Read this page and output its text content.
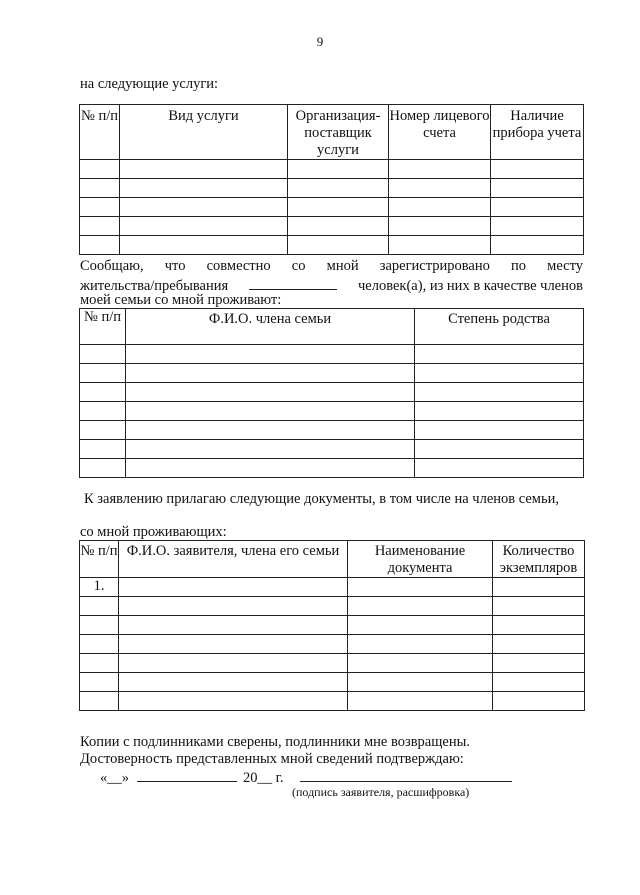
9
на следующие услуги:
№ п/п	Вид услуги	Организация-поставщик услуги	Номер лицевого счета	Наличие прибора учета

Сообщаю, что совместно со мной зарегистрировано по месту
жительства/пребывания	человек(а), из них в качестве членов
моей семьи со мной проживают:
№ п/п	Ф.И.О. члена семьи	Степень родства

К заявлению прилагаю следующие документы, в том числе на членов семьи,
со мной проживающих:
№ п/п	Ф.И.О. заявителя, члена его семьи	Наименование документа	Количество экземпляров
1.			

Копии с подлинниками сверены, подлинники мне возвращены.
Достоверность представленных мной сведений подтверждаю:
«__»	20__ г.
(подпись заявителя, расшифровка)
